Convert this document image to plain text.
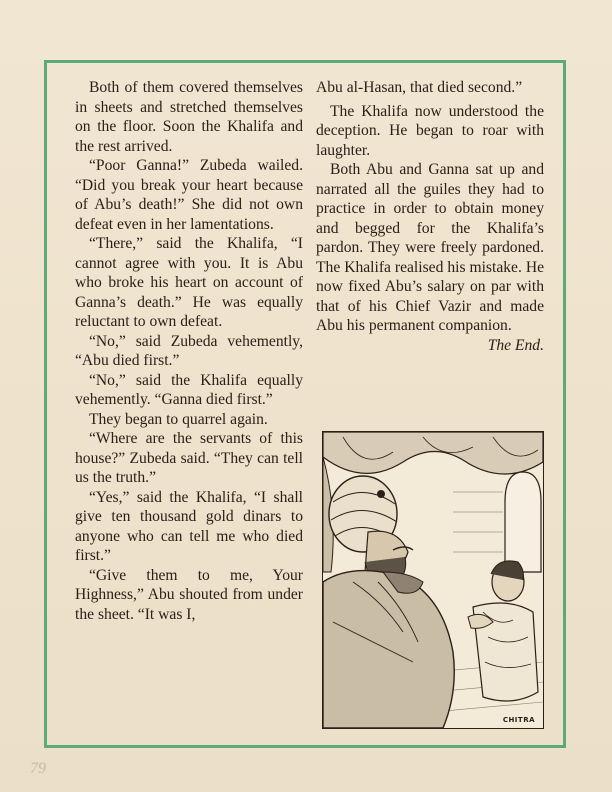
Both of them covered themselves in sheets and stretched themselves on the floor. Soon the Khalifa and the rest arrived.

“Poor Ganna!” Zubeda wailed. “Did you break your heart because of Abu’s death!” She did not own defeat even in her lamentations.

“There,” said the Khalifa, “I cannot agree with you. It is Abu who broke his heart on account of Ganna’s death.” He was equally reluctant to own defeat.

“No,” said Zubeda vehemently, “Abu died first.”

“No,” said the Khalifa equally vehemently. “Ganna died first.”

They began to quarrel again.

“Where are the servants of this house?” Zubeda said. “They can tell us the truth.”

“Yes,” said the Khalifa, “I shall give ten thousand gold dinars to anyone who can tell me who died first.”

“Give them to me, Your Highness,” Abu shouted from under the sheet. “It was I,

Abu al-Hasan, that died second.”

The Khalifa now understood the deception. He began to roar with laughter.

Both Abu and Ganna sat up and narrated all the guiles they had to practice in order to obtain money and begged for the Khalifa’s pardon. They were freely pardoned. The Khalifa realised his mistake. He now fixed Abu’s salary on par with that of his Chief Vazir and made Abu his permanent companion.

The End.
CHITRA
79
